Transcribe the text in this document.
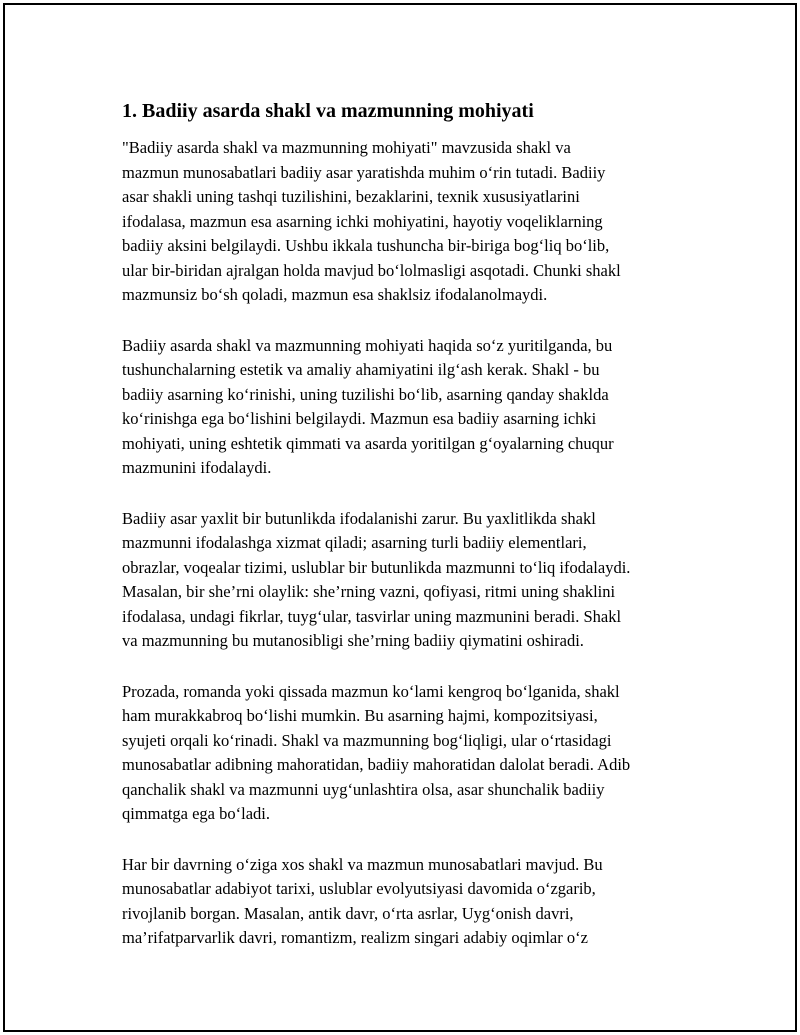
1. Badiiy asarda shakl va mazmunning mohiyati
"Badiiy asarda shakl va mazmunning mohiyati" mavzusida shakl va
mazmun munosabatlari badiiy asar yaratishda muhim o‘rin tutadi. Badiiy
asar shakli uning tashqi tuzilishini, bezaklarini, texnik xususiyatlarini
ifodalasa, mazmun esa asarning ichki mohiyatini, hayotiy voqeliklarning
badiiy aksini belgilaydi. Ushbu ikkala tushuncha bir-biriga bog‘liq bo‘lib,
ular bir-biridan ajralgan holda mavjud bo‘lolmasligi asqotadi. Chunki shakl
mazmunsiz bo‘sh qoladi, mazmun esa shaklsiz ifodalanolmaydi.
Badiiy asarda shakl va mazmunning mohiyati haqida so‘z yuritilganda, bu
tushunchalarning estetik va amaliy ahamiyatini ilg‘ash kerak. Shakl - bu
badiiy asarning ko‘rinishi, uning tuzilishi bo‘lib, asarning qanday shaklda
ko‘rinishga ega bo‘lishini belgilaydi. Mazmun esa badiiy asarning ichki
mohiyati, uning eshtetik qimmati va asarda yoritilgan g‘oyalarning chuqur
mazmunini ifodalaydi.
Badiiy asar yaxlit bir butunlikda ifodalanishi zarur. Bu yaxlitlikda shakl
mazmunni ifodalashga xizmat qiladi; asarning turli badiiy elementlari,
obrazlar, voqealar tizimi, uslublar bir butunlikda mazmunni to‘liq ifodalaydi.
Masalan, bir she’rni olaylik: she’rning vazni, qofiyasi, ritmi uning shaklini
ifodalasa, undagi fikrlar, tuyg‘ular, tasvirlar uning mazmunini beradi. Shakl
va mazmunning bu mutanosibligi she’rning badiiy qiymatini oshiradi.
Prozada, romanda yoki qissada mazmun ko‘lami kengroq bo‘lganida, shakl
ham murakkabroq bo‘lishi mumkin. Bu asarning hajmi, kompozitsiyasi,
syujeti orqali ko‘rinadi. Shakl va mazmunning bog‘liqligi, ular o‘rtasidagi
munosabatlar adibning mahoratidan, badiiy mahoratidan dalolat beradi. Adib
qanchalik shakl va mazmunni uyg‘unlashtira olsa, asar shunchalik badiiy
qimmatga ega bo‘ladi.
Har bir davrning o‘ziga xos shakl va mazmun munosabatlari mavjud. Bu
munosabatlar adabiyot tarixi, uslublar evolyutsiyasi davomida o‘zgarib,
rivojlanib borgan. Masalan, antik davr, o‘rta asrlar, Uyg‘onish davri,
ma’rifatparvarlik davri, romantizm, realizm singari adabiy oqimlar o‘z
